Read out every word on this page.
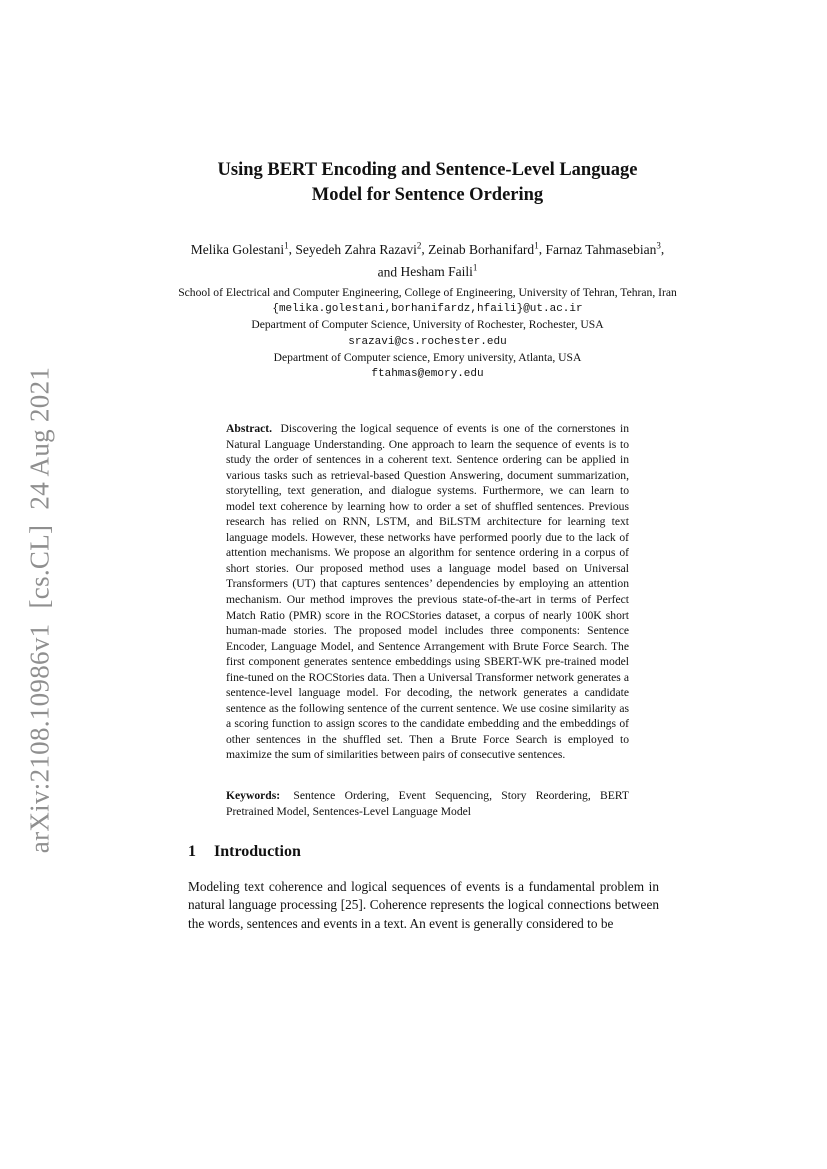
arXiv:2108.10986v1 [cs.CL] 24 Aug 2021
Using BERT Encoding and Sentence-Level Language
Model for Sentence Ordering

Melika Golestani$^1$, Seyedeh Zahra Razavi$^2$, Zeinab Borhanifard$^1$, Farnaz Tahmasebian$^3$, and Hesham Faili$^1$

School of Electrical and Computer Engineering, College of Engineering, University of Tehran, Tehran, Iran
{melika.golestani,borhanifardz,hfaili}@ut.ac.ir
Department of Computer Science, University of Rochester, Rochester, USA
srazavi@cs.rochester.edu
Department of Computer science, Emory university, Atlanta, USA
ftahmas@emory.edu

Abstract. Discovering the logical sequence of events is one of the cornerstones in Natural Language Understanding. One approach to learn the sequence of events is to study the order of sentences in a coherent text. Sentence ordering can be applied in various tasks such as retrieval-based Question Answering, document summarization, storytelling, text generation, and dialogue systems. Furthermore, we can learn to model text coherence by learning how to order a set of shuffled sentences. Previous research has relied on RNN, LSTM, and BiLSTM architecture for learning text language models. However, these networks have performed poorly due to the lack of attention mechanisms. We propose an algorithm for sentence ordering in a corpus of short stories. Our proposed method uses a language model based on Universal Transformers (UT) that captures sentences’ dependencies by employing an attention mechanism. Our method improves the previous state-of-the-art in terms of Perfect Match Ratio (PMR) score in the ROCStories dataset, a corpus of nearly 100K short human-made stories. The proposed model includes three components: Sentence Encoder, Language Model, and Sentence Arrangement with Brute Force Search. The first component generates sentence embeddings using SBERT-WK pre-trained model fine-tuned on the ROCStories data. Then a Universal Transformer network generates a sentence-level language model. For decoding, the network generates a candidate sentence as the following sentence of the current sentence. We use cosine similarity as a scoring function to assign scores to the candidate embedding and the embeddings of other sentences in the shuffled set. Then a Brute Force Search is employed to maximize the sum of similarities between pairs of consecutive sentences.

Keywords: Sentence Ordering, Event Sequencing, Story Reordering, BERT Pretrained Model, Sentences-Level Language Model

1 Introduction

Modeling text coherence and logical sequences of events is a fundamental problem in natural language processing [25]. Coherence represents the logical connections between the words, sentences and events in a text. An event is generally considered to be
